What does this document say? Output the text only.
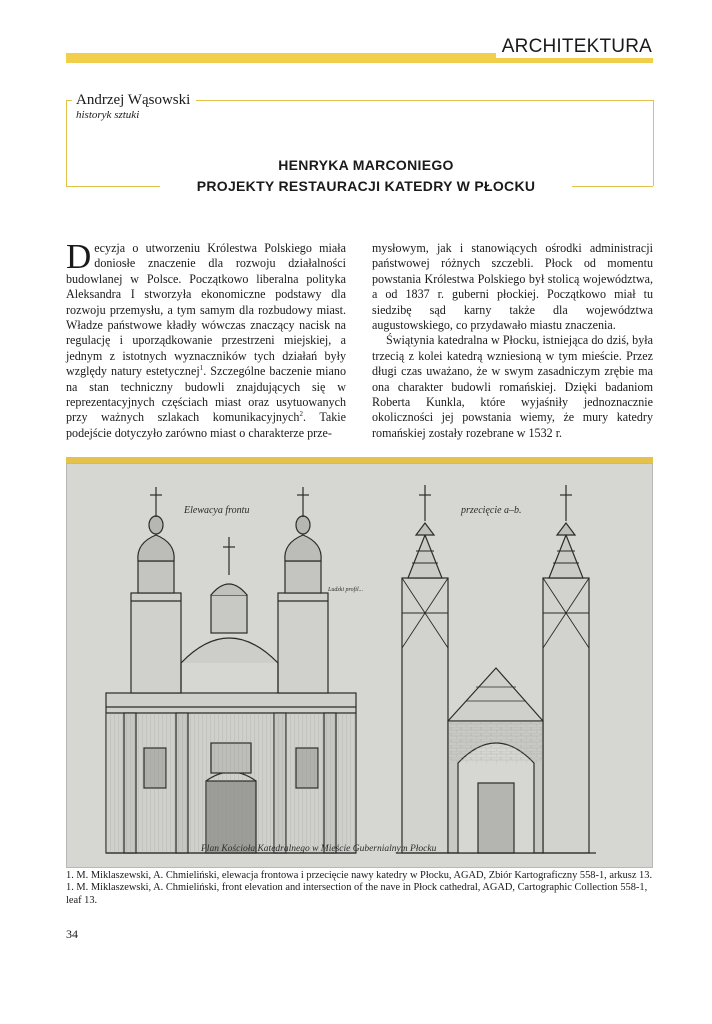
ARCHITEKTURA
Andrzej Wąsowski
historyk sztuki
HENRYKA MARCONIEGO
PROJEKTY RESTAURACJI KATEDRY W PŁOCKU

Decyzja o utworzeniu Królestwa Polskiego miała doniosłe znaczenie dla rozwoju działalności budowlanej w Polsce. Początkowo liberalna polityka Aleksandra I stworzyła ekonomiczne podstawy dla rozwoju przemysłu, a tym samym dla rozbudowy miast. Władze państwowe kładły wówczas znaczący nacisk na regulację i uporządkowanie przestrzeni miejskiej, a jednym z istotnych wyznaczników tych działań były względy natury estetycznej$^1$. Szczególne baczenie miano na stan techniczny budowli znajdujących się w reprezentacyjnych częściach miast oraz usytuowanych przy ważnych szlakach komunikacyjnych$^2$. Takie podejście dotyczyło zarówno miast o charakterze prze-

mysłowym, jak i stanowiących ośrodki administracji państwowej różnych szczebli. Płock od momentu powstania Królestwa Polskiego był stolicą województwa, a od 1837 r. guberni płockiej. Początkowo miał tu siedzibę sąd karny także dla województwa augustowskiego, co przydawało miastu znaczenia.

Świątynia katedralna w Płocku, istniejąca do dziś, była trzecią z kolei katedrą wzniesioną w tym mieście. Przez długi czas uważano, że w swym zasadniczym zrębie ma ona charakter budowli romańskiej. Dzięki badaniom Roberta Kunkla, które wyjaśniły jednoznacznie okoliczności jej powstania wiemy, że mury katedry romańskiej zostały rozebrane w 1532 r.

Elewacya frontu	przecięcie a–b.
Ludzki profil...
Plan Kościoła Katedralnego w Mieście Gubernialnym Płocku
1. M. Miklaszewski, A. Chmieliński, elewacja frontowa i przecięcie nawy katedry w Płocku, AGAD, Zbiór Kartograficzny 558-1, arkusz 13.
1. M. Miklaszewski, A. Chmieliński, front elevation and intersection of the nave in Płock cathedral, AGAD, Cartographic Collection 558-1, leaf 13.
34
